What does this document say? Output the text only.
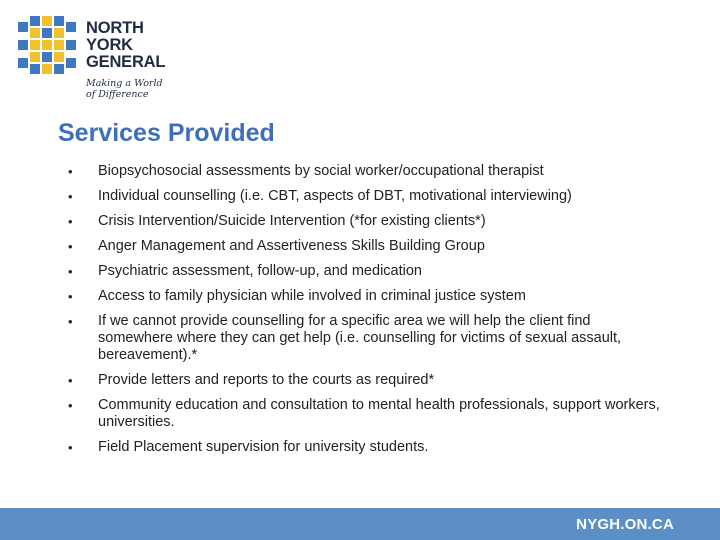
NORTH
YORK
GENERAL
Making a World
of Difference
Services Provided
• Biopsychosocial assessments by social worker/occupational therapist
• Individual counselling (i.e. CBT, aspects of DBT, motivational interviewing)
• Crisis Intervention/Suicide Intervention (*for existing clients*)
• Anger Management and Assertiveness Skills Building Group
• Psychiatric assessment, follow-up, and medication
• Access to family physician while involved in criminal justice system
• If we cannot provide counselling for a specific area we will help the client find somewhere where they can get help (i.e. counselling for victims of sexual assault, bereavement).*
• Provide letters and reports to the courts as required*
• Community education and consultation to mental health professionals, support workers, universities.
• Field Placement supervision for university students.
NYGH.ON.CA
